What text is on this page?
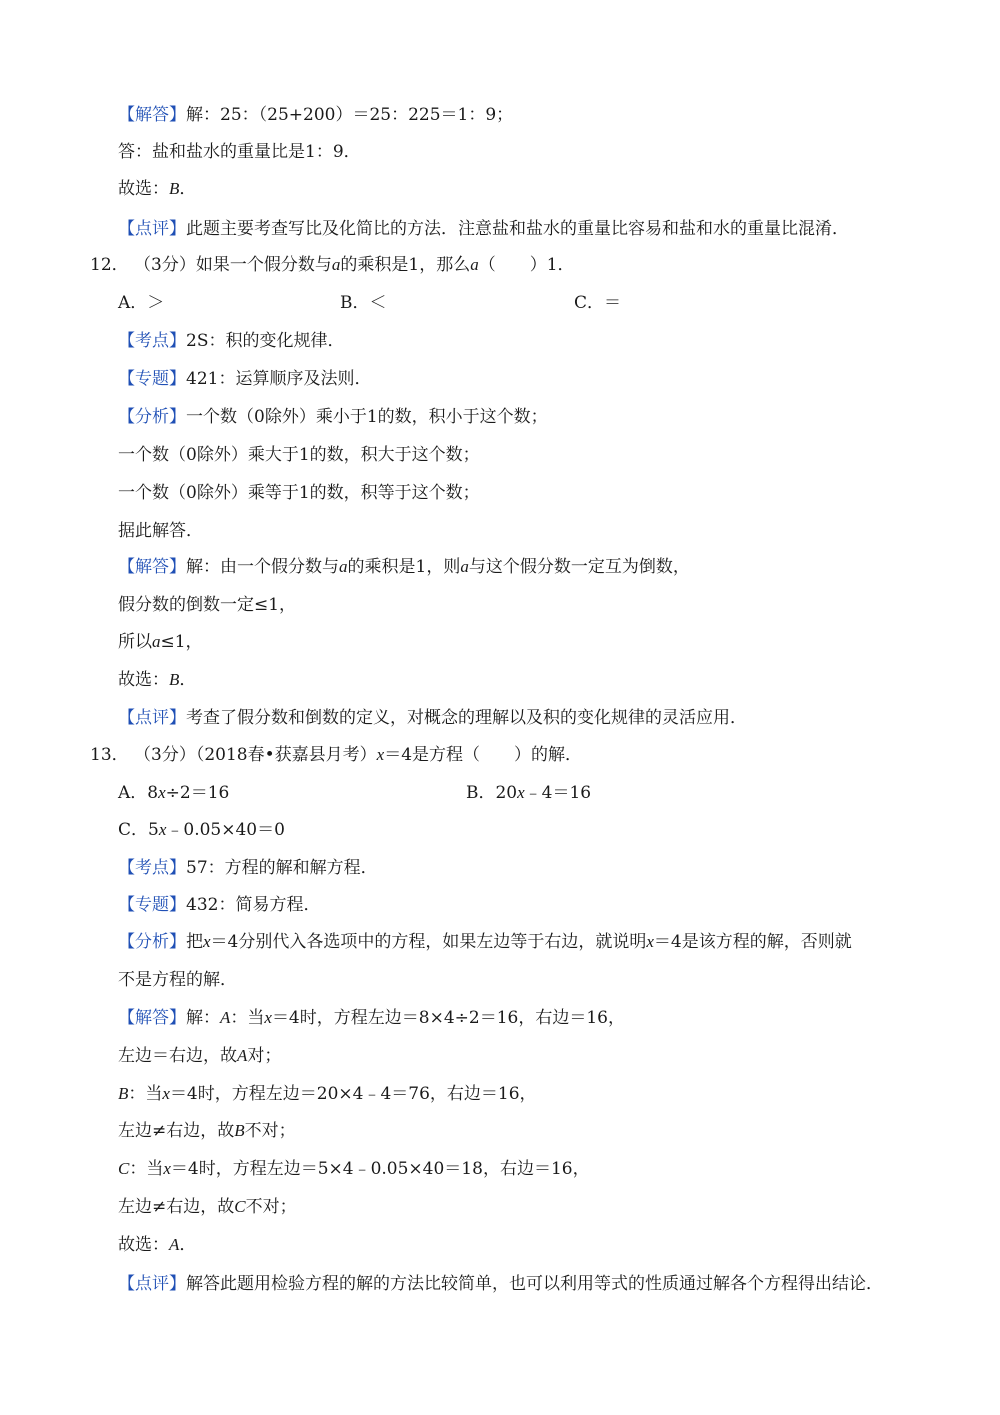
【解答】解：25：（25+200）＝25：225＝1：9；
答：盐和盐水的重量比是1：9．
故选：B．
【点评】此题主要考查写比及化简比的方法．注意盐和盐水的重量比容易和盐和水的重量比混淆．
12． （3分）如果一个假分数与a的乘积是1，那么a（　　）1．
A．＞	B．＜	C．＝
【考点】2S：积的变化规律．
【专题】421：运算顺序及法则．
【分析】一个数（0除外）乘小于1的数，积小于这个数；
一个数（0除外）乘大于1的数，积大于这个数；
一个数（0除外）乘等于1的数，积等于这个数；
据此解答．
【解答】解：由一个假分数与a的乘积是1，则a与这个假分数一定互为倒数，
假分数的倒数一定≤1，
所以a≤1，
故选：B．
【点评】考查了假分数和倒数的定义，对概念的理解以及积的变化规律的灵活应用．
13． （3分）（2018春•获嘉县月考）x＝4是方程（　　）的解．
A．8x÷2＝16	B．20x﹣4＝16
C．5x﹣0.05×40＝0
【考点】57：方程的解和解方程．
【专题】432：简易方程．
【分析】把x＝4分别代入各选项中的方程，如果左边等于右边，就说明x＝4是该方程的解，否则就
不是方程的解．
【解答】解：A：当x＝4时，方程左边＝8×4÷2＝16，右边＝16，
左边＝右边，故A对；
B：当x＝4时，方程左边＝20×4﹣4＝76，右边＝16，
左边≠右边，故B不对；
C：当x＝4时，方程左边＝5×4﹣0.05×40＝18，右边＝16，
左边≠右边，故C不对；
故选：A．
【点评】解答此题用检验方程的解的方法比较简单，也可以利用等式的性质通过解各个方程得出结论．
